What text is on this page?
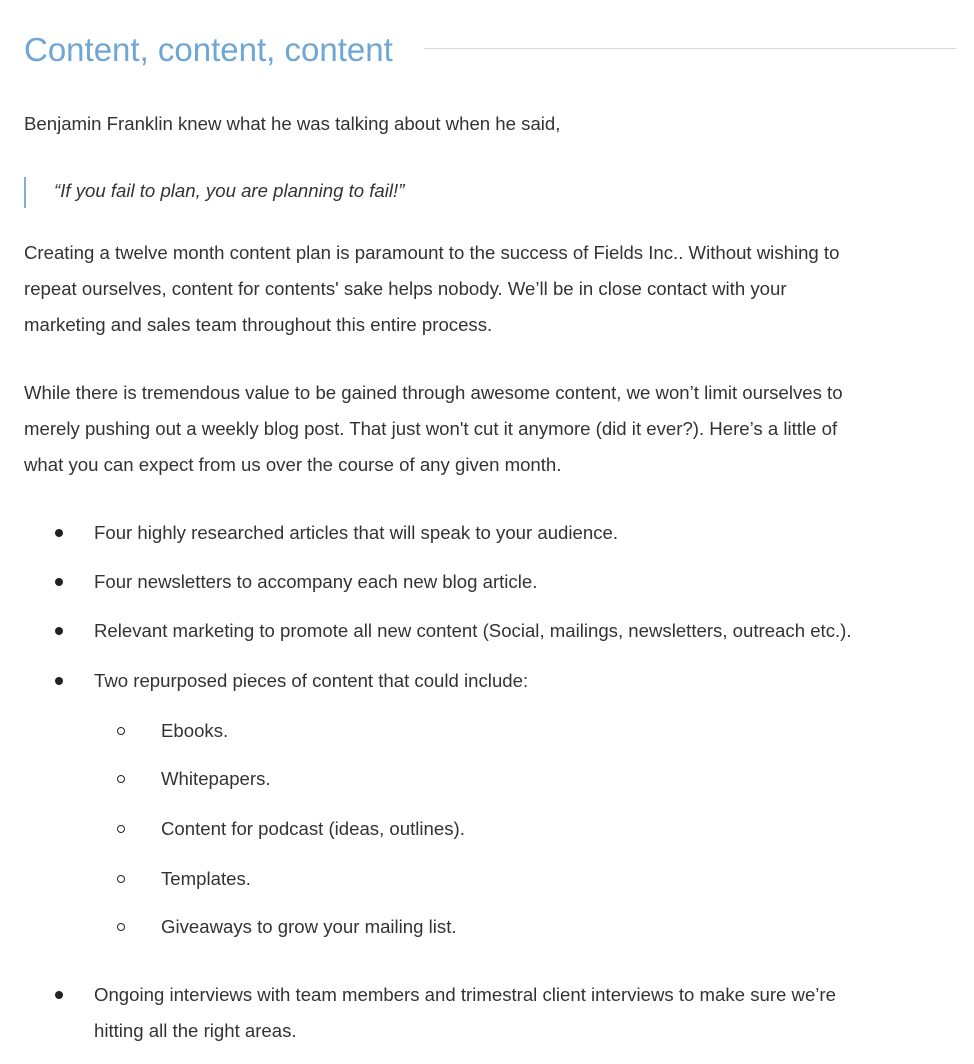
Content, content, content
Benjamin Franklin knew what he was talking about when he said,
“If you fail to plan, you are planning to fail!”
Creating a twelve month content plan is paramount to the success of Fields Inc.. Without wishing to
repeat ourselves, content for contents' sake helps nobody. We’ll be in close contact with your
marketing and sales team throughout this entire process.
While there is tremendous value to be gained through awesome content, we won’t limit ourselves to
merely pushing out a weekly blog post. That just won't cut it anymore (did it ever?). Here’s a little of
what you can expect from us over the course of any given month.
Four highly researched articles that will speak to your audience.
Four newsletters to accompany each new blog article.
Relevant marketing to promote all new content (Social, mailings, newsletters, outreach etc.).
Two repurposed pieces of content that could include:
Ebooks.
Whitepapers.
Content for podcast (ideas, outlines).
Templates.
Giveaways to grow your mailing list.
Ongoing interviews with team members and trimestral client interviews to make sure we’re
hitting all the right areas.
